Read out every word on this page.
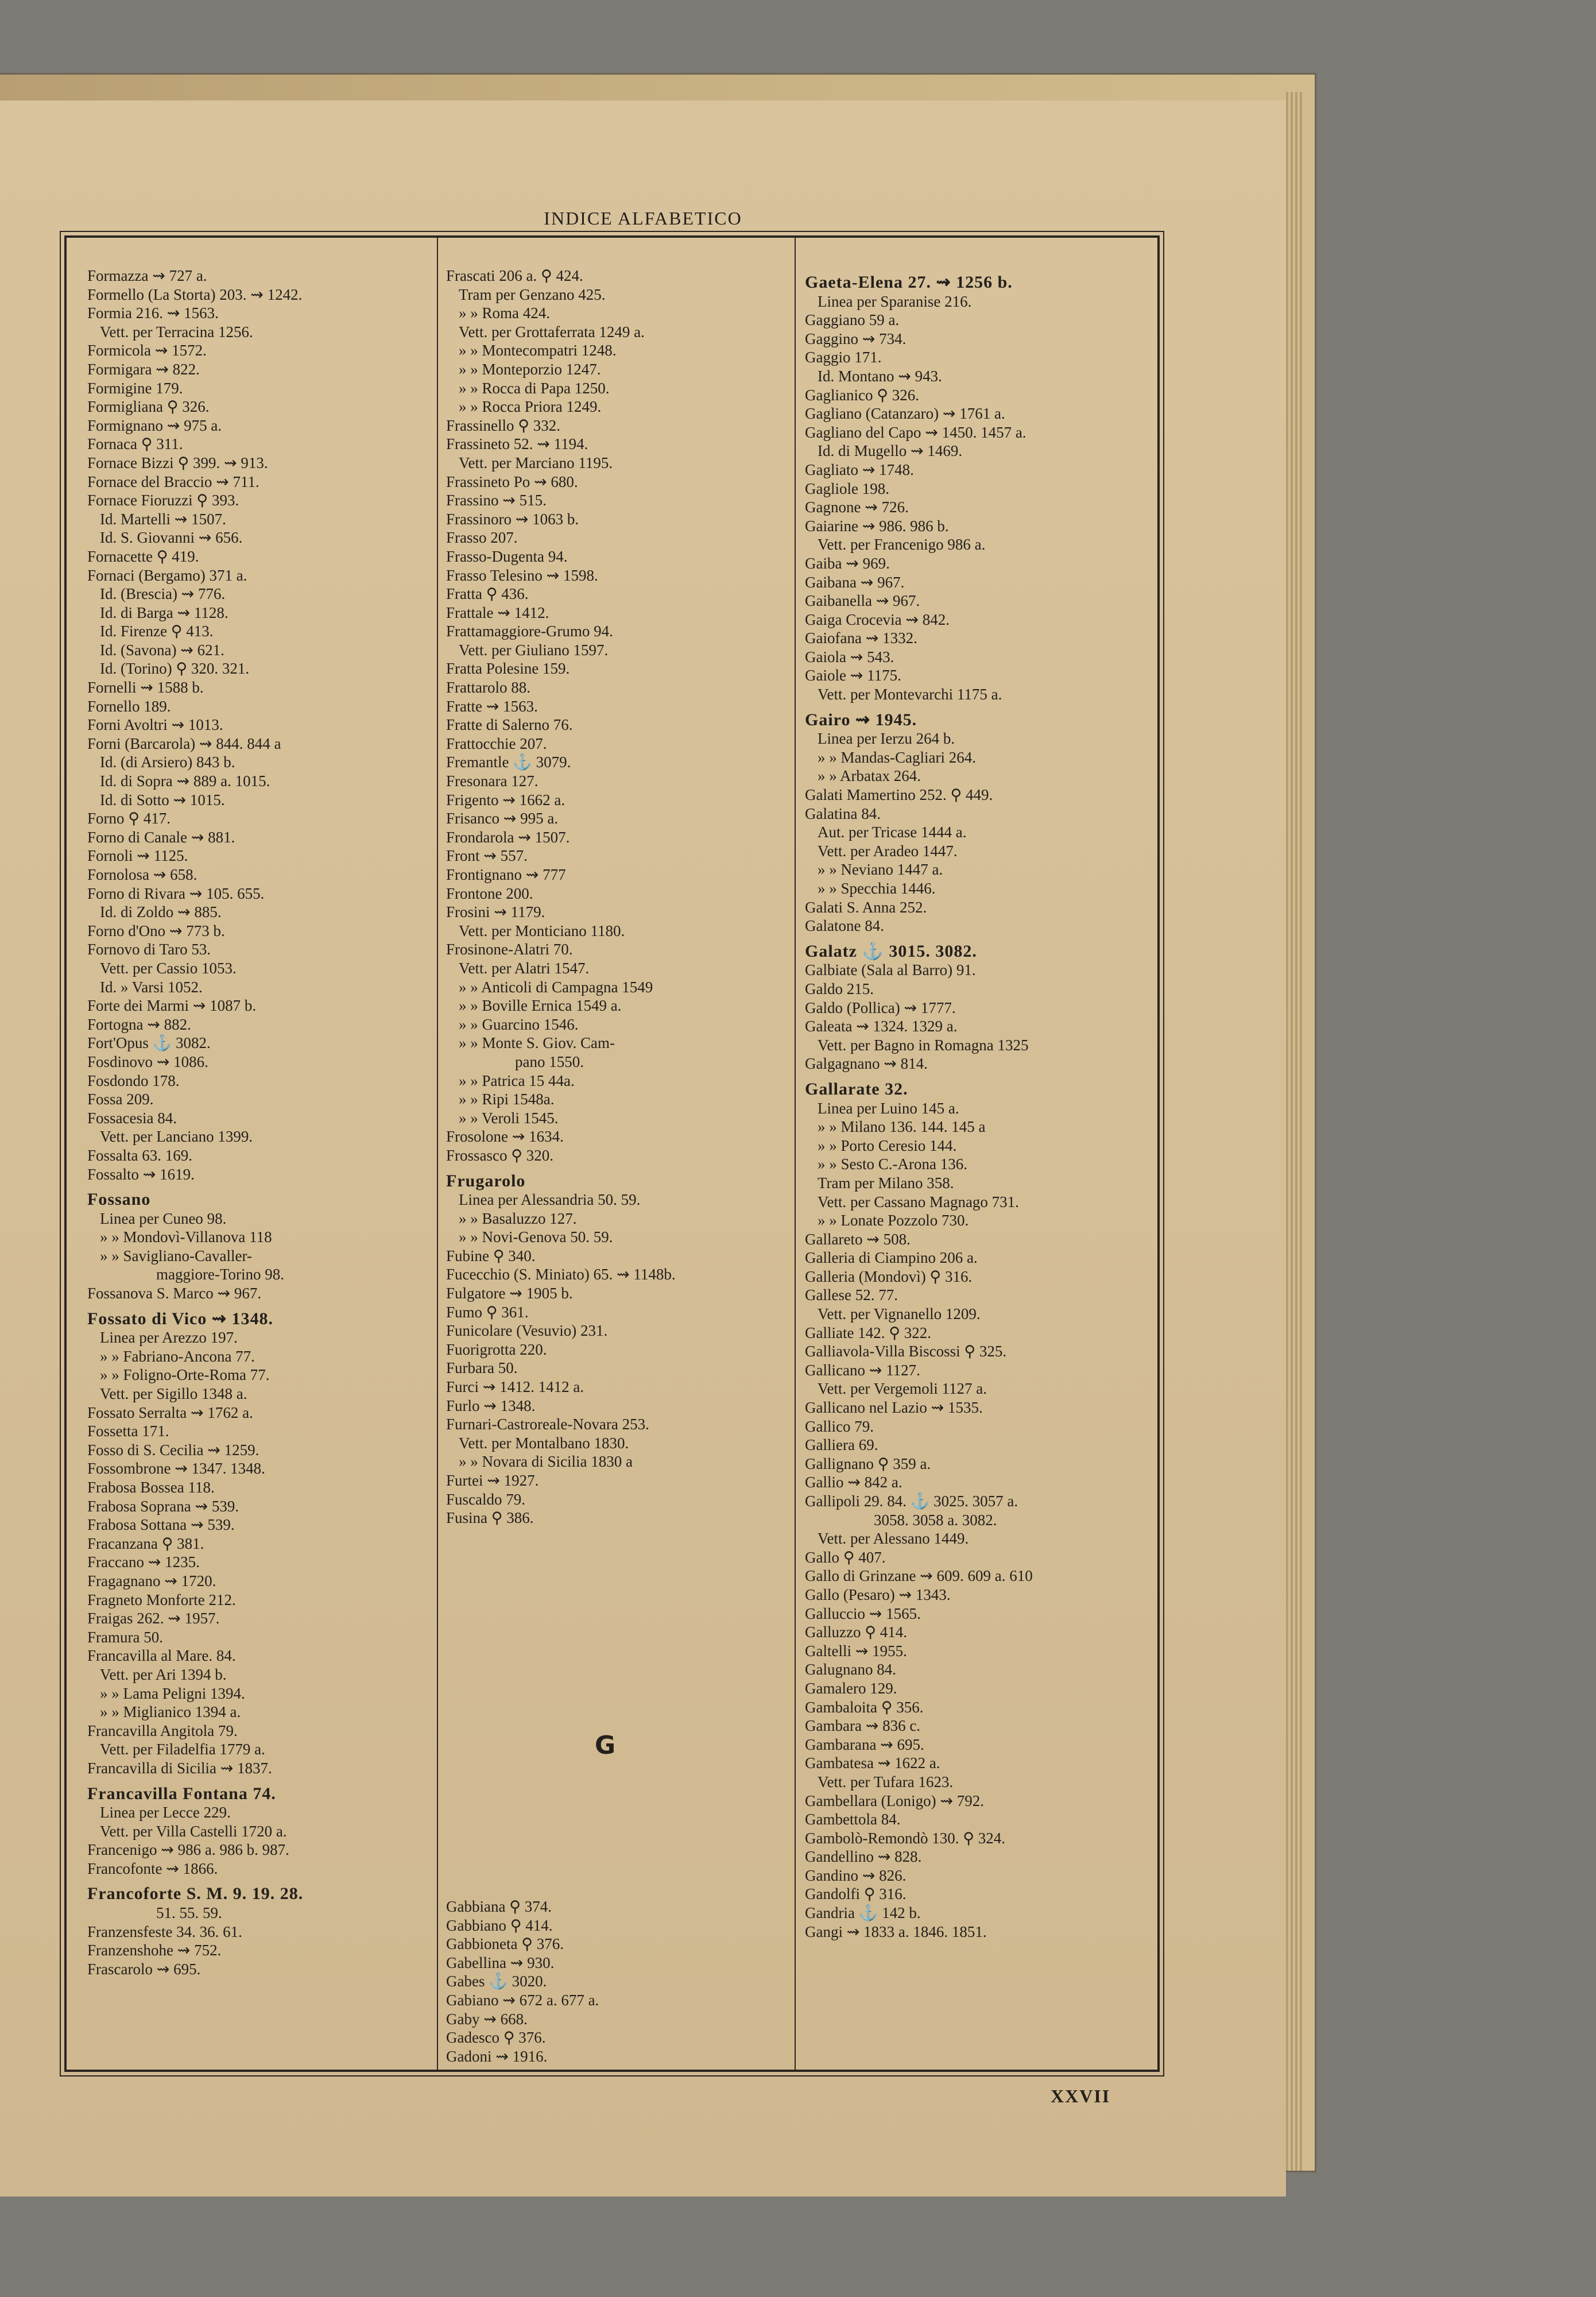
INDICE ALFABETICO
Formazza ⇝ 727 a.
Formello (La Storta) 203. ⇝ 1242.
Formia 216. ⇝ 1563.
Vett. per Terracina 1256.
Formicola ⇝ 1572.
Formigara ⇝ 822.
Formigine 179.
Formigliana ⚲ 326.
Formignano ⇝ 975 a.
Fornaca ⚲ 311.
Fornace Bizzi ⚲ 399. ⇝ 913.
Fornace del Braccio ⇝ 711.
Fornace Fioruzzi ⚲ 393.
Id. Martelli ⇝ 1507.
Id. S. Giovanni ⇝ 656.
Fornacette ⚲ 419.
Fornaci (Bergamo) 371 a.
Id. (Brescia) ⇝ 776.
Id. di Barga ⇝ 1128.
Id. Firenze ⚲ 413.
Id. (Savona) ⇝ 621.
Id. (Torino) ⚲ 320. 321.
Fornelli ⇝ 1588 b.
Fornello 189.
Forni Avoltri ⇝ 1013.
Forni (Barcarola) ⇝ 844. 844 a
Id. (di Arsiero) 843 b.
Id. di Sopra ⇝ 889 a. 1015.
Id. di Sotto ⇝ 1015.
Forno ⚲ 417.
Forno di Canale ⇝ 881.
Fornoli ⇝ 1125.
Fornolosa ⇝ 658.
Forno di Rivara ⇝ 105. 655.
Id. di Zoldo ⇝ 885.
Forno d'Ono ⇝ 773 b.
Fornovo di Taro 53.
Vett. per Cassio 1053.
Id. » Varsi 1052.
Forte dei Marmi ⇝ 1087 b.
Fortogna ⇝ 882.
Fort'Opus ⚓ 3082.
Fosdinovo ⇝ 1086.
Fosdondo 178.
Fossa 209.
Fossacesia 84.
Vett. per Lanciano 1399.
Fossalta 63. 169.
Fossalto ⇝ 1619.
Fossano
Linea per Cuneo 98.
» » Mondovì-Villanova 118
» » Savigliano-Cavaller-
maggiore-Torino 98.
Fossanova S. Marco ⇝ 967.
Fossato di Vico ⇝ 1348.
Linea per Arezzo 197.
» » Fabriano-Ancona 77.
» » Foligno-Orte-Roma 77.
Vett. per Sigillo 1348 a.
Fossato Serralta ⇝ 1762 a.
Fossetta 171.
Fosso di S. Cecilia ⇝ 1259.
Fossombrone ⇝ 1347. 1348.
Frabosa Bossea 118.
Frabosa Soprana ⇝ 539.
Frabosa Sottana ⇝ 539.
Fracanzana ⚲ 381.
Fraccano ⇝ 1235.
Fragagnano ⇝ 1720.
Fragneto Monforte 212.
Fraigas 262. ⇝ 1957.
Framura 50.
Francavilla al Mare. 84.
Vett. per Ari 1394 b.
» » Lama Peligni 1394.
» » Miglianico 1394 a.
Francavilla Angitola 79.
Vett. per Filadelfia 1779 a.
Francavilla di Sicilia ⇝ 1837.
Francavilla Fontana 74.
Linea per Lecce 229.
Vett. per Villa Castelli 1720 a.
Francenigo ⇝ 986 a. 986 b. 987.
Francofonte ⇝ 1866.
Francoforte S. M. 9. 19. 28.
51. 55. 59.
Franzensfeste 34. 36. 61.
Franzenshohe ⇝ 752.
Frascarolo ⇝ 695.
Frascati 206 a. ⚲ 424.
Tram per Genzano 425.
» » Roma 424.
Vett. per Grottaferrata 1249 a.
» » Montecompatri 1248.
» » Monteporzio 1247.
» » Rocca di Papa 1250.
» » Rocca Priora 1249.
Frassinello ⚲ 332.
Frassineto 52. ⇝ 1194.
Vett. per Marciano 1195.
Frassineto Po ⇝ 680.
Frassino ⇝ 515.
Frassinoro ⇝ 1063 b.
Frasso 207.
Frasso-Dugenta 94.
Frasso Telesino ⇝ 1598.
Fratta ⚲ 436.
Frattale ⇝ 1412.
Frattamaggiore-Grumo 94.
Vett. per Giuliano 1597.
Fratta Polesine 159.
Frattarolo 88.
Fratte ⇝ 1563.
Fratte di Salerno 76.
Frattocchie 207.
Fremantle ⚓ 3079.
Fresonara 127.
Frigento ⇝ 1662 a.
Frisanco ⇝ 995 a.
Frondarola ⇝ 1507.
Front ⇝ 557.
Frontignano ⇝ 777
Frontone 200.
Frosini ⇝ 1179.
Vett. per Monticiano 1180.
Frosinone-Alatri 70.
Vett. per Alatri 1547.
» » Anticoli di Campagna 1549
» » Boville Ernica 1549 a.
» » Guarcino 1546.
» » Monte S. Giov. Cam-
pano 1550.
» » Patrica 15 44a.
» » Ripi 1548a.
» » Veroli 1545.
Frosolone ⇝ 1634.
Frossasco ⚲ 320.
Frugarolo
Linea per Alessandria 50. 59.
» » Basaluzzo 127.
» » Novi-Genova 50. 59.
Fubine ⚲ 340.
Fucecchio (S. Miniato) 65. ⇝ 1148b.
Fulgatore ⇝ 1905 b.
Fumo ⚲ 361.
Funicolare (Vesuvio) 231.
Fuorigrotta 220.
Furbara 50.
Furci ⇝ 1412. 1412 a.
Furlo ⇝ 1348.
Furnari-Castroreale-Novara 253.
Vett. per Montalbano 1830.
» » Novara di Sicilia 1830 a
Furtei ⇝ 1927.
Fuscaldo 79.
Fusina ⚲ 386.
G
Gabbiana ⚲ 374.
Gabbiano ⚲ 414.
Gabbioneta ⚲ 376.
Gabellina ⇝ 930.
Gabes ⚓ 3020.
Gabiano ⇝ 672 a. 677 a.
Gaby ⇝ 668.
Gadesco ⚲ 376.
Gadoni ⇝ 1916.
Gaeta-Elena 27. ⇝ 1256 b.
Linea per Sparanise 216.
Gaggiano 59 a.
Gaggino ⇝ 734.
Gaggio 171.
Id. Montano ⇝ 943.
Gaglianico ⚲ 326.
Gagliano (Catanzaro) ⇝ 1761 a.
Gagliano del Capo ⇝ 1450. 1457 a.
Id. di Mugello ⇝ 1469.
Gagliato ⇝ 1748.
Gagliole 198.
Gagnone ⇝ 726.
Gaiarine ⇝ 986. 986 b.
Vett. per Francenigo 986 a.
Gaiba ⇝ 969.
Gaibana ⇝ 967.
Gaibanella ⇝ 967.
Gaiga Crocevia ⇝ 842.
Gaiofana ⇝ 1332.
Gaiola ⇝ 543.
Gaiole ⇝ 1175.
Vett. per Montevarchi 1175 a.
Gairo ⇝ 1945.
Linea per Ierzu 264 b.
» » Mandas-Cagliari 264.
» » Arbatax 264.
Galati Mamertino 252. ⚲ 449.
Galatina 84.
Aut. per Tricase 1444 a.
Vett. per Aradeo 1447.
» » Neviano 1447 a.
» » Specchia 1446.
Galati S. Anna 252.
Galatone 84.
Galatz ⚓ 3015. 3082.
Galbiate (Sala al Barro) 91.
Galdo 215.
Galdo (Pollica) ⇝ 1777.
Galeata ⇝ 1324. 1329 a.
Vett. per Bagno in Romagna 1325
Galgagnano ⇝ 814.
Gallarate 32.
Linea per Luino 145 a.
» » Milano 136. 144. 145 a
» » Porto Ceresio 144.
» » Sesto C.-Arona 136.
Tram per Milano 358.
Vett. per Cassano Magnago 731.
» » Lonate Pozzolo 730.
Gallareto ⇝ 508.
Galleria di Ciampino 206 a.
Galleria (Mondovì) ⚲ 316.
Gallese 52. 77.
Vett. per Vignanello 1209.
Galliate 142. ⚲ 322.
Galliavola-Villa Biscossi ⚲ 325.
Gallicano ⇝ 1127.
Vett. per Vergemoli 1127 a.
Gallicano nel Lazio ⇝ 1535.
Gallico 79.
Galliera 69.
Gallignano ⚲ 359 a.
Gallio ⇝ 842 a.
Gallipoli 29. 84. ⚓ 3025. 3057 a.
3058. 3058 a. 3082.
Vett. per Alessano 1449.
Gallo ⚲ 407.
Gallo di Grinzane ⇝ 609. 609 a. 610
Gallo (Pesaro) ⇝ 1343.
Galluccio ⇝ 1565.
Galluzzo ⚲ 414.
Galtelli ⇝ 1955.
Galugnano 84.
Gamalero 129.
Gambaloita ⚲ 356.
Gambara ⇝ 836 c.
Gambarana ⇝ 695.
Gambatesa ⇝ 1622 a.
Vett. per Tufara 1623.
Gambellara (Lonigo) ⇝ 792.
Gambettola 84.
Gambolò-Remondò 130. ⚲ 324.
Gandellino ⇝ 828.
Gandino ⇝ 826.
Gandolfi ⚲ 316.
Gandria ⚓ 142 b.
Gangi ⇝ 1833 a. 1846. 1851.
XXVII
